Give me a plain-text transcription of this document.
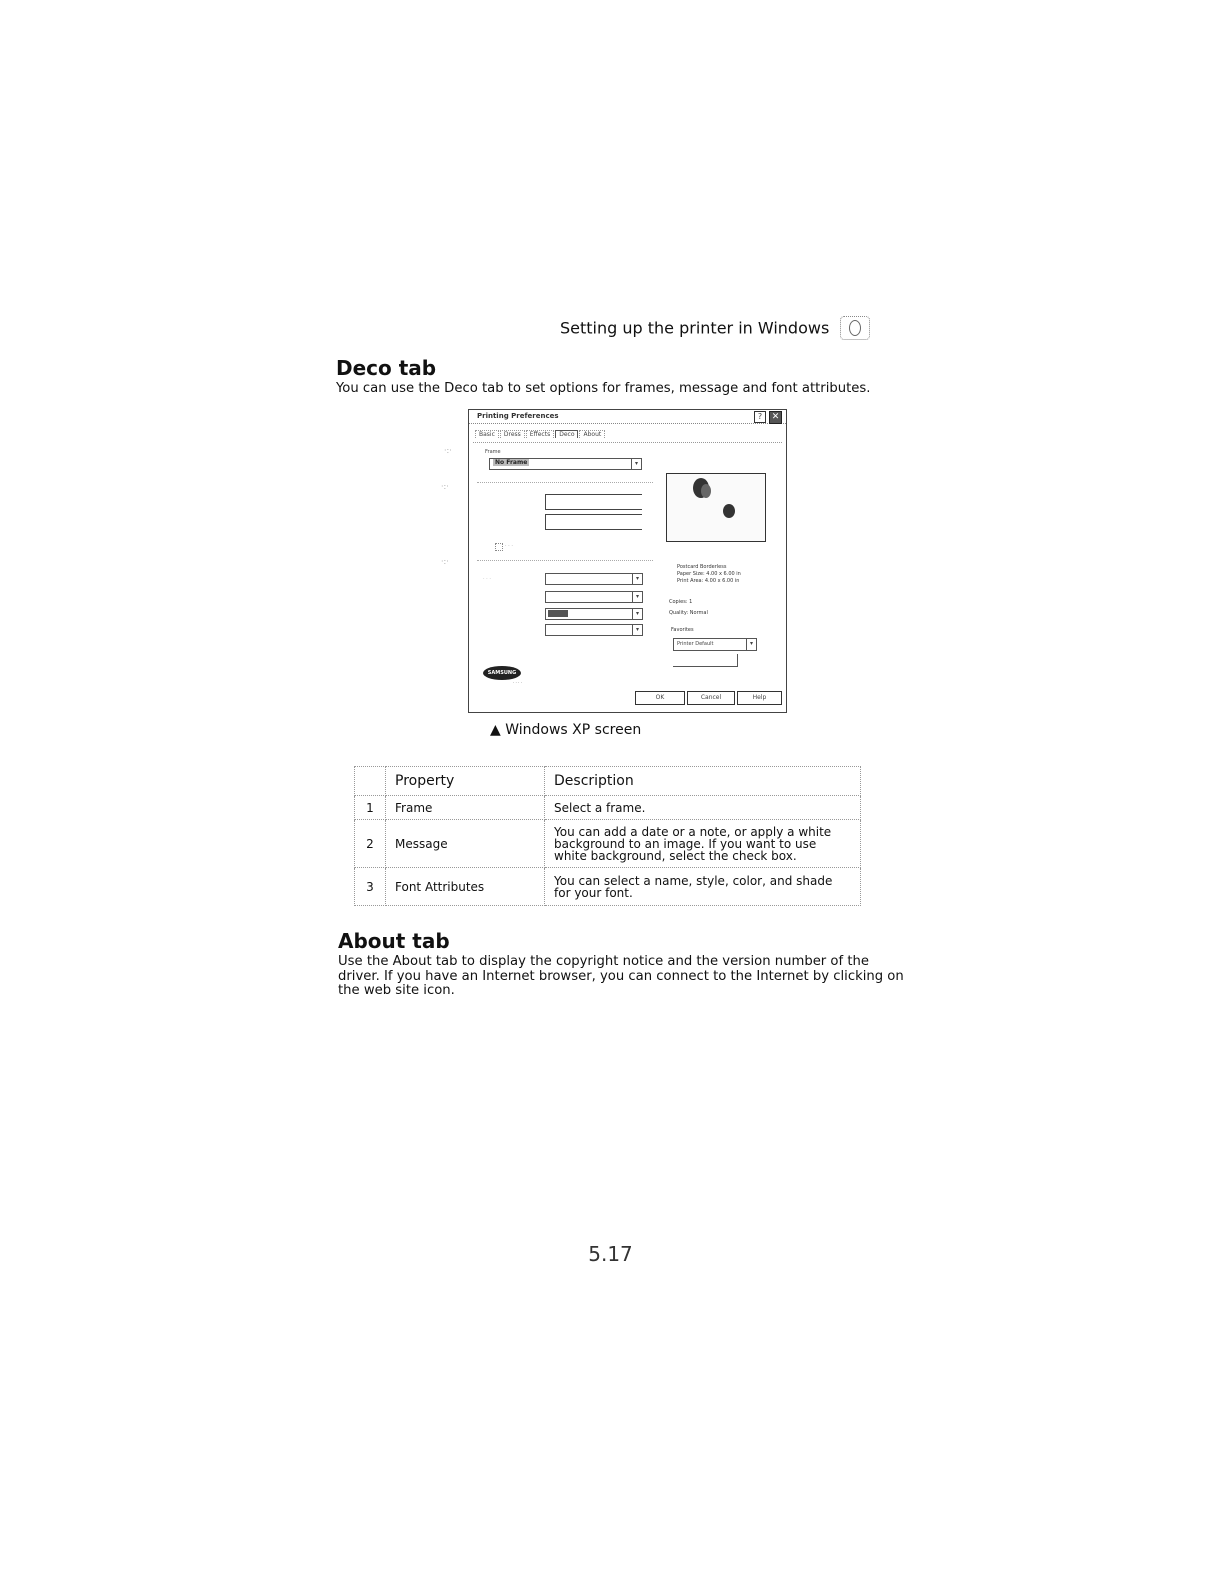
Setting up the printer in Windows
Deco tab
You can use the Deco tab to set options for frames, message and font attributes.
·:·
·:·
·:·
Printing Preferences	?	✕
Basic Dress Effects Deco About
Frame
No Frame	▾
· · ·
· · ·	▾
▾
▾
▾
Postcard Borderless
Paper Size: 4.00 x 6.00 in
Print Area: 4.00 x 6.00 in
Copies: 1
Quality: Normal
Favorites
Printer Default	▾
SAMSUNG
· · · ·
OK	Cancel	Help
▲ Windows XP screen
	Property	Description
1	Frame	Select a frame.
2	Message	You can add a date or a note, or apply a white background to an image. If you want to use white background, select the check box.
3	Font Attributes	You can select a name, style, color, and shade for your font.
About tab
Use the About tab to display the copyright notice and the version number of the driver. If you have an Internet browser, you can connect to the Internet by clicking on the web site icon.
5.17
